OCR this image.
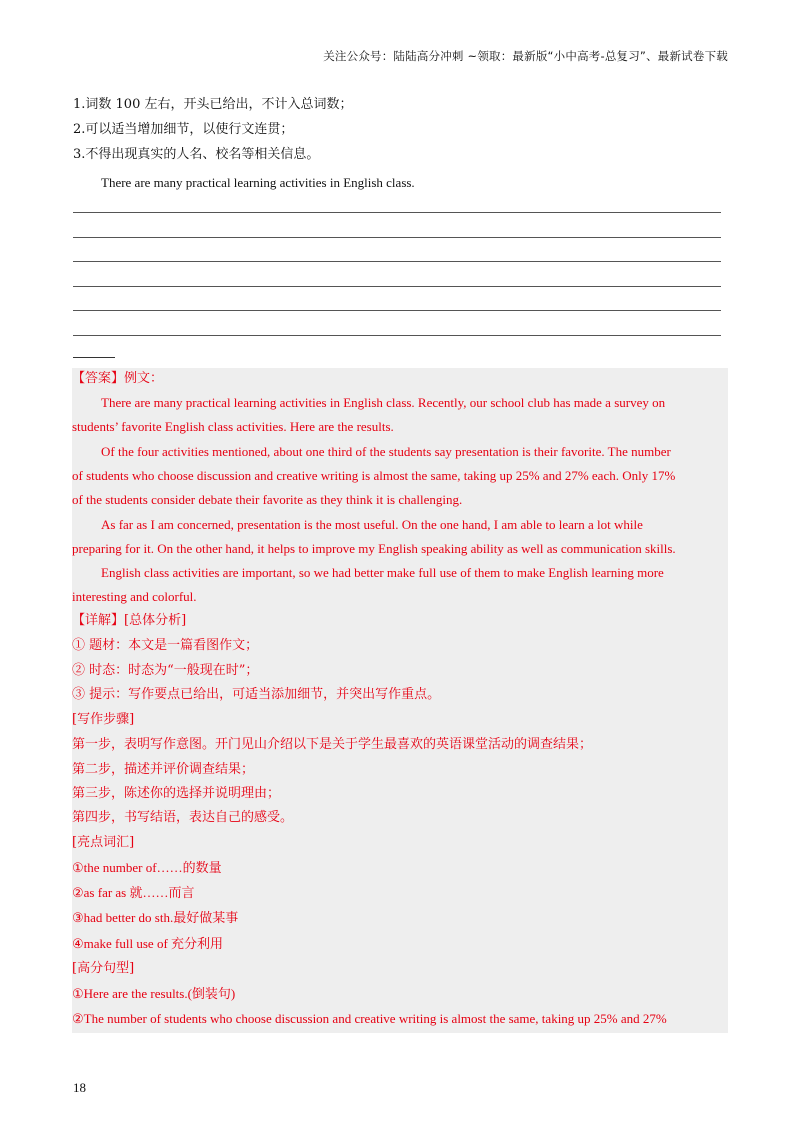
关注公众号：陆陆高分冲刺 ~领取：最新版“小中高考-总复习”、最新试卷下载
1.词数 100 左右，开头已给出，不计入总词数；
2.可以适当增加细节，以使行文连贯；
3.不得出现真实的人名、校名等相关信息。
There are many practical learning activities in English class.
【答案】例文：
There are many practical learning activities in English class. Recently, our school club has made a survey on
students’ favorite English class activities. Here are the results.
Of the four activities mentioned, about one third of the students say presentation is their favorite. The number
of students who choose discussion and creative writing is almost the same, taking up 25% and 27% each. Only 17%
of the students consider debate their favorite as they think it is challenging.
As far as I am concerned, presentation is the most useful. On the one hand, I am able to learn a lot while
preparing for it. On the other hand, it helps to improve my English speaking ability as well as communication skills.
English class activities are important, so we had better make full use of them to make English learning more
interesting and colorful.
【详解】[总体分析]
① 题材：本文是一篇看图作文；
② 时态：时态为“一般现在时”；
③ 提示：写作要点已给出，可适当添加细节，并突出写作重点。
[写作步骤]
第一步，表明写作意图。开门见山介绍以下是关于学生最喜欢的英语课堂活动的调查结果；
第二步，描述并评价调查结果；
第三步，陈述你的选择并说明理由；
第四步，书写结语，表达自己的感受。
[亮点词汇]
①the number of……的数量
②as far as 就……而言
③had better do sth.最好做某事
④make full use of 充分利用
[高分句型]
①Here are the results.(倒装句)
②The number of students who choose discussion and creative writing is almost the same, taking up 25% and 27%
18
